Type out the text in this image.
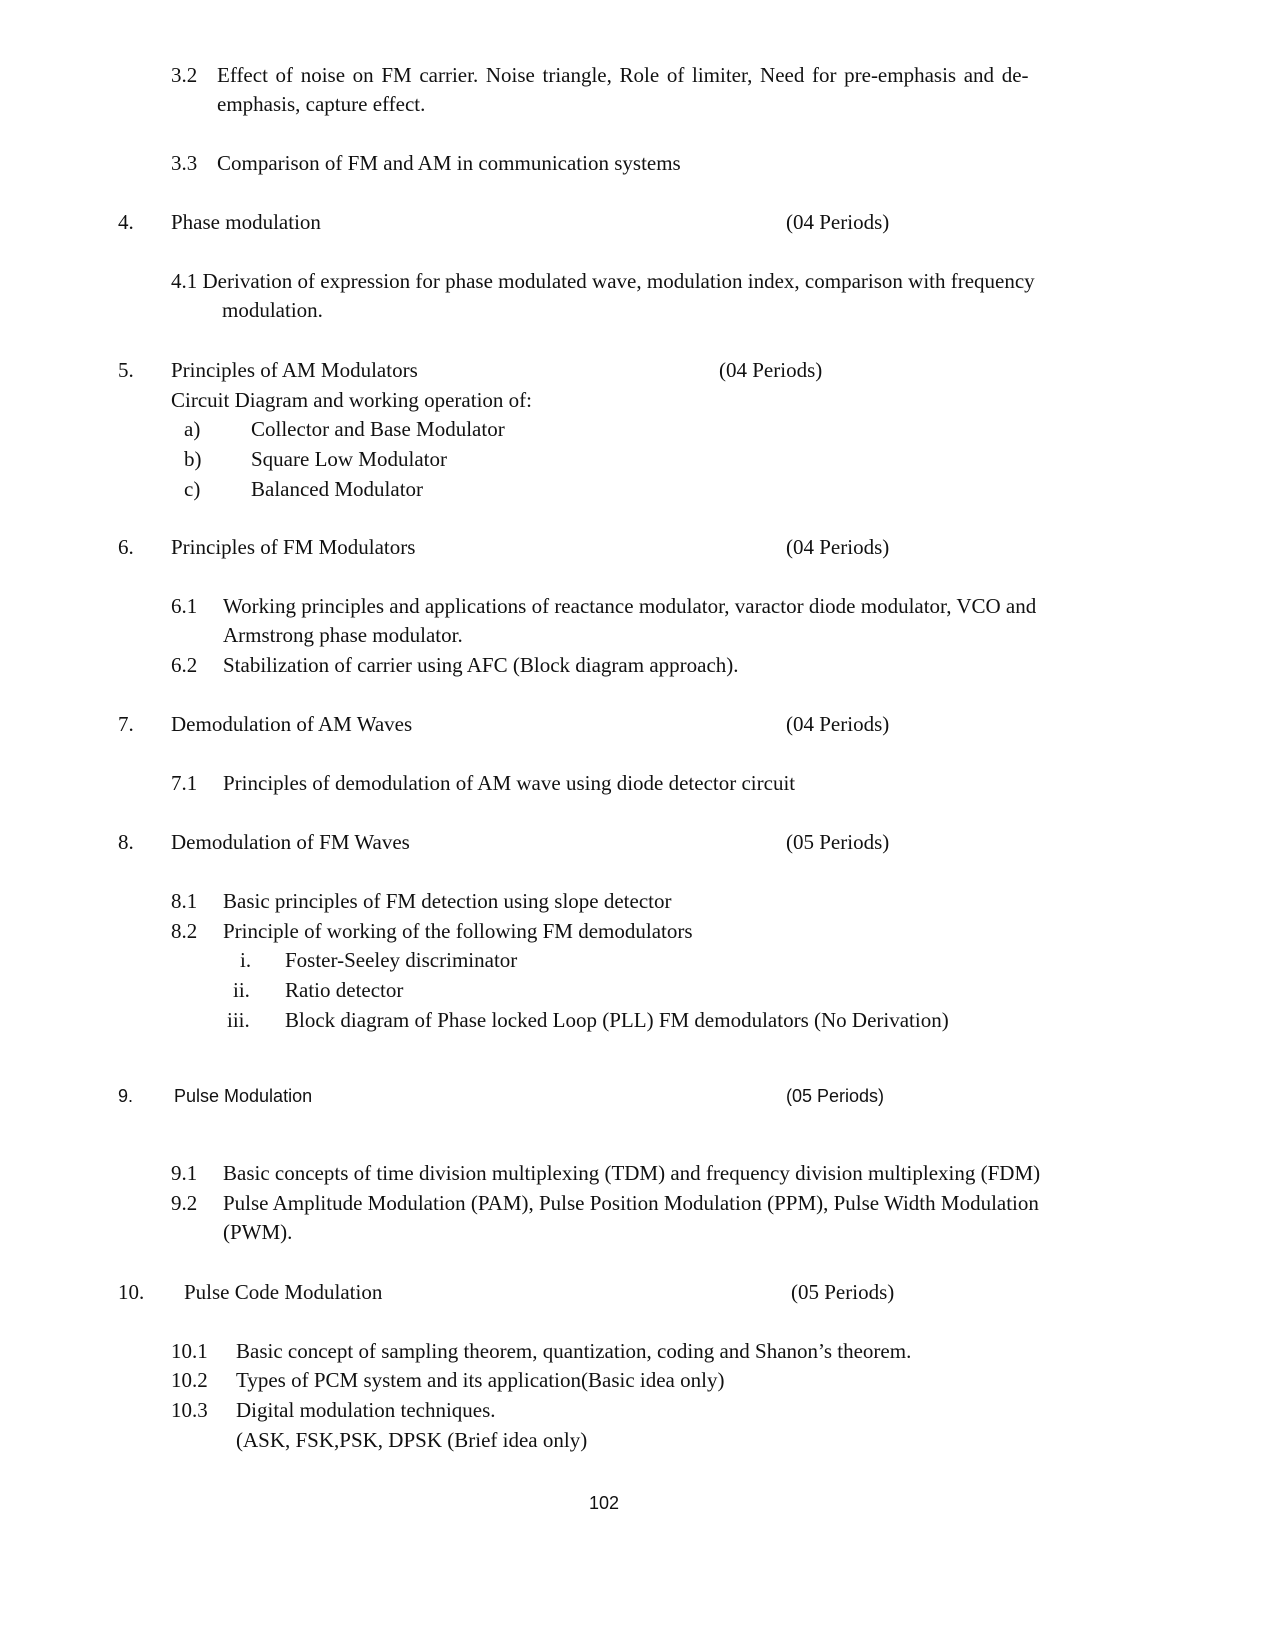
3.2 Effect of noise on FM carrier. Noise triangle, Role of limiter, Need for pre-emphasis and de-
emphasis, capture effect.
3.3 Comparison of FM and AM in communication systems
4. Phase modulation	(04 Periods)
4.1 Derivation of expression for phase modulated wave, modulation index, comparison with frequency
modulation.
5. Principles of AM Modulators	(04 Periods)
Circuit Diagram and working operation of:
a) Collector and Base Modulator
b) Square Low Modulator
c) Balanced Modulator
6. Principles of FM Modulators	(04 Periods)
6.1 Working principles and applications of reactance modulator, varactor diode modulator, VCO and
Armstrong phase modulator.
6.2 Stabilization of carrier using AFC (Block diagram approach).
7. Demodulation of AM Waves	(04 Periods)
7.1 Principles of demodulation of AM wave using diode detector circuit
8. Demodulation of FM Waves	(05 Periods)
8.1 Basic principles of FM detection using slope detector
8.2 Principle of working of the following FM demodulators
i. Foster-Seeley discriminator
ii. Ratio detector
iii. Block diagram of Phase locked Loop (PLL) FM demodulators (No Derivation)
9. Pulse Modulation	(05 Periods)
9.1 Basic concepts of time division multiplexing (TDM) and frequency division multiplexing (FDM)
9.2 Pulse Amplitude Modulation (PAM), Pulse Position Modulation (PPM), Pulse Width Modulation
(PWM).
10. Pulse Code Modulation	(05 Periods)
10.1 Basic concept of sampling theorem, quantization, coding and Shanon’s theorem.
10.2 Types of PCM system and its application(Basic idea only)
10.3 Digital modulation techniques.
(ASK, FSK,PSK, DPSK (Brief idea only)
102
